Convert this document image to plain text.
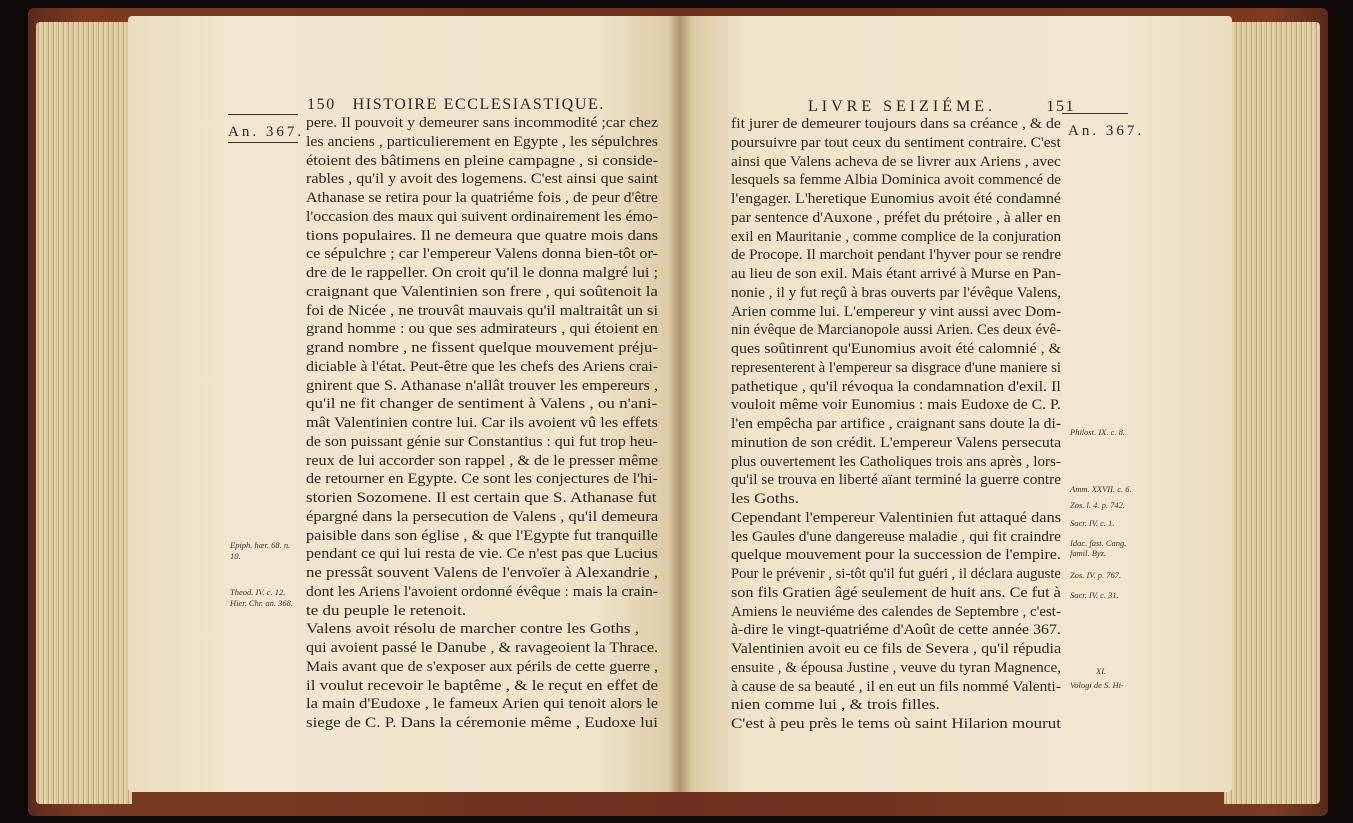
150 HISTOIRE ECCLESIASTIQUE.
An. 367.
pere. Il pouvoit y demeurer sans incommodité ;car chez
les anciens , particulierement en Egypte , les sépulchres
étoient des bâtimens en pleine campagne , si conside-
rables , qu'il y avoit des logemens. C'est ainsi que saint
Athanase se retira pour la quatriéme fois , de peur d'être
l'occasion des maux qui suivent ordinairement les émo-
tions populaires. Il ne demeura que quatre mois dans
ce sépulchre ; car l'empereur Valens donna bien-tôt or-
dre de le rappeller. On croit qu'il le donna malgré lui ;
craignant que Valentinien son frere , qui soûtenoit la
foi de Nicée , ne trouvât mauvais qu'il maltraitât un si
grand homme : ou que ses admirateurs , qui étoient en
grand nombre , ne fissent quelque mouvement préju-
diciable à l'état. Peut-être que les chefs des Ariens crai-
gnirent que S. Athanase n'allât trouver les empereurs ,
qu'il ne fit changer de sentiment à Valens , ou n'ani-
mât Valentinien contre lui. Car ils avoient vû les effets
de son puissant génie sur Constantius : qui fut trop heu-
reux de lui accorder son rappel , & de le presser même
de retourner en Egypte. Ce sont les conjectures de l'hi-
storien Sozomene. Il est certain que S. Athanase fut
épargné dans la persecution de Valens , qu'il demeura
paisible dans son église , & que l'Egypte fut tranquille
pendant ce qui lui resta de vie. Ce n'est pas que Lucius
ne pressât souvent Valens de l'envoïer à Alexandrie ,
dont les Ariens l'avoient ordonné évêque : mais la crain-
te du peuple le retenoit.
Valens avoit résolu de marcher contre les Goths ,
qui avoient passé le Danube , & ravageoient la Thrace.
Mais avant que de s'exposer aux périls de cette guerre ,
il voulut recevoir le baptême , & le reçut en effet de
la main d'Eudoxe , le fameux Arien qui tenoit alors le
siege de C. P. Dans la céremonie même , Eudoxe lui
Epiph. hær. 68. n.
10.
Theod. IV. c. 12.
Hier. Chr. an. 368.
LIVRE SEIZIÉME.	151
An. 367.
fit jurer de demeurer toujours dans sa créance , & de
poursuivre par tout ceux du sentiment contraire. C'est
ainsi que Valens acheva de se livrer aux Ariens , avec
lesquels sa femme Albia Dominica avoit commencé de
l'engager. L'heretique Eunomius avoit été condamné
par sentence d'Auxone , préfet du prétoire , à aller en
exil en Mauritanie , comme complice de la conjuration
de Procope. Il marchoit pendant l'hyver pour se rendre
au lieu de son exil. Mais étant arrivé à Murse en Pan-
nonie , il y fut reçû à bras ouverts par l'évêque Valens,
Arien comme lui. L'empereur y vint aussi avec Dom-
nin évêque de Marcianopole aussi Arien. Ces deux évê-
ques soûtinrent qu'Eunomius avoit été calomnié , &
representerent à l'empereur sa disgrace d'une maniere si
pathetique , qu'il révoqua la condamnation d'exil. Il
vouloit même voir Eunomius : mais Eudoxe de C. P.
l'en empêcha par artifice , craignant sans doute la di-
minution de son crédit. L'empereur Valens persecuta
plus ouvertement les Catholiques trois ans après , lors-
qu'il se trouva en liberté aïant terminé la guerre contre
les Goths.
Cependant l'empereur Valentinien fut attaqué dans
les Gaules d'une dangereuse maladie , qui fit craindre
quelque mouvement pour la succession de l'empire.
Pour le prévenir , si-tôt qu'il fut guéri , il déclara auguste
son fils Gratien âgé seulement de huit ans. Ce fut à
Amiens le neuviéme des calendes de Septembre , c'est-
à-dire le vingt-quatriéme d'Août de cette année 367.
Valentinien avoit eu ce fils de Severa , qu'il répudia
ensuite , & épousa Justine , veuve du tyran Magnence,
à cause de sa beauté , il en eut un fils nommé Valenti-
nien comme lui , & trois filles.
C'est à peu près le tems où saint Hilarion mourut
Philost. IX. c. 8.
Amm. XXVII. c. 6.
Zos. l. 4. p. 742.
Socr. IV. c. 1.
Idac. fast. Cang.
famil. Byz.
Zos. IV. p. 767.
Socr. IV. c. 31.
XI.
Vologi de S. Hi-
